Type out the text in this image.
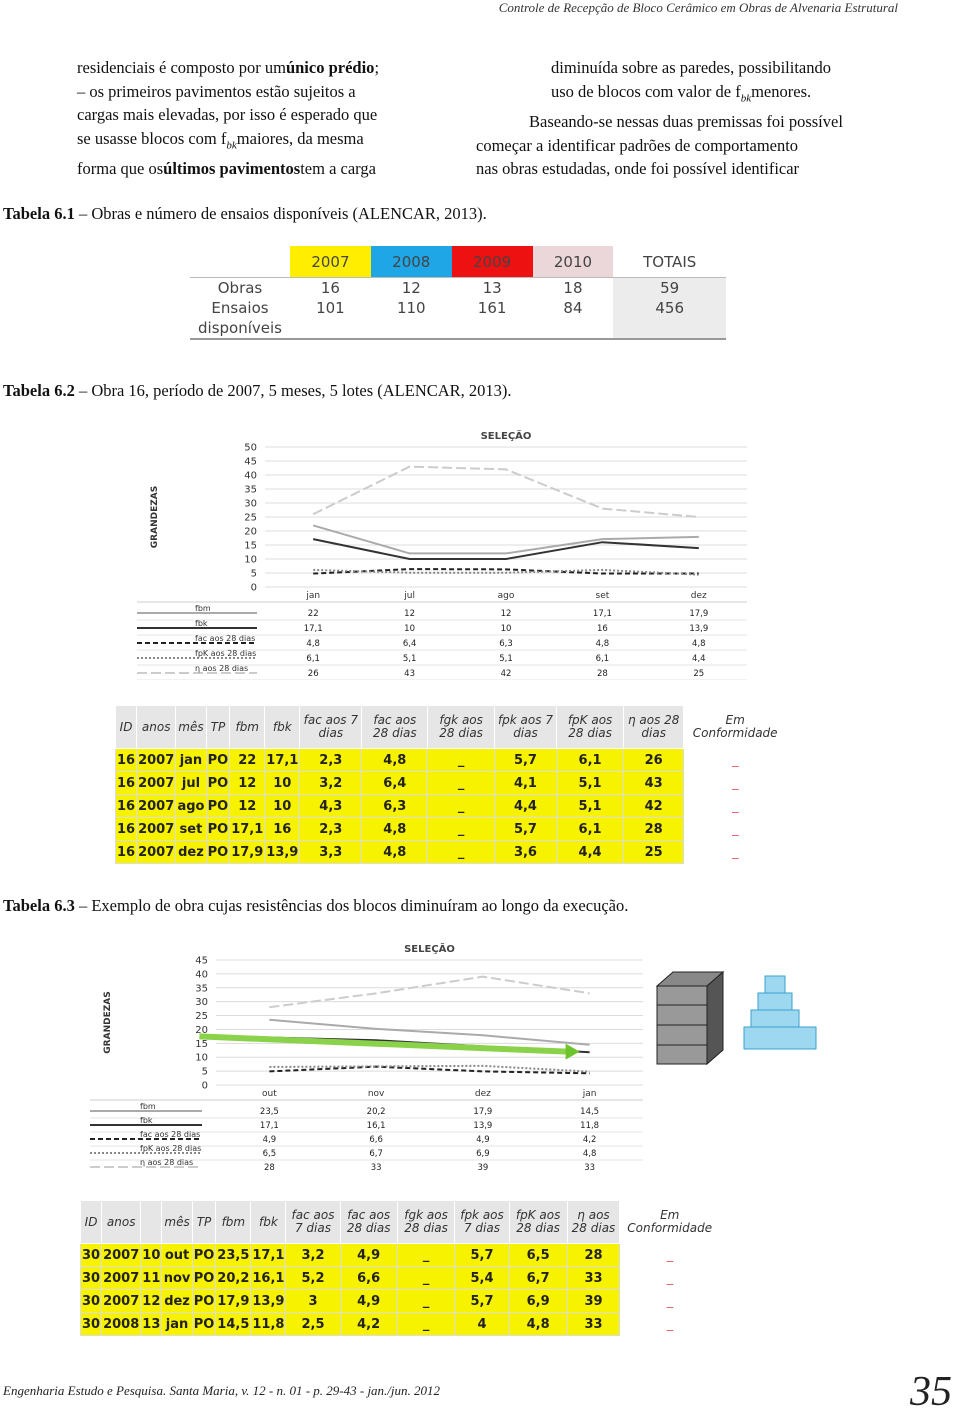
Controle de Recepção de Bloco Cerâmico em Obras de Alvenaria Estrutural
residenciais é composto por umúnico prédio;
– os primeiros pavimentos estão sujeitos a
cargas mais elevadas, por isso é esperado que
se usasse blocos com $f_{bk}maiores$, da mesma
forma que osúltimos pavimentostem a carga
diminuída sobre as paredes, possibilitando
uso de blocos com valor de $f_{bk}menores$.
Baseando-se nessas duas premissas foi possível
começar a identificar padrões de comportamento
nas obras estudadas, onde foi possível identificar
Tabela 6.1 – Obras e número de ensaios disponíveis (ALENCAR, 2013).
	2007	2008	2009	2010	TOTAIS
Obras	16	12	13	18	59
Ensaios	101	110	161	84	456
disponíveis					
Tabela 6.2 – Obra 16, período de 2007, 5 meses, 5 lotes (ALENCAR, 2013).
SELEÇÃO
GRANDEZAS
50
45
40
35
30
25
20
15
10
5
0
jan	jul	ago	set	dez
fbm
22	12	12	17,1	17,9
fbk
17,1	10	10	16	13,9
fac aos 28 dias
4,8	6,4	6,3	4,8	4,8
fpK aos 28 dias
6,1	5,1	5,1	6,1	4,4
η aos 28 dias
26	43	42	28	25
ID	anos	mês	TP	fbm	fbk	fac aos 7 dias	fac aos 28 dias	fgk aos 28 dias	fpk aos 7 dias	fpK aos 28 dias	η aos 28 dias	Em Conformidade
16	2007	jan	PO	22	17,1	2,3	4,8	_	5,7	6,1	26	_
16	2007	jul	PO	12	10	3,2	6,4	_	4,1	5,1	43	_
16	2007	ago	PO	12	10	4,3	6,3	_	4,4	5,1	42	_
16	2007	set	PO	17,1	16	2,3	4,8	_	5,7	6,1	28	_
16	2007	dez	PO	17,9	13,9	3,3	4,8	_	3,6	4,4	25	_
Tabela 6.3 – Exemplo de obra cujas resistências dos blocos diminuíram ao longo da execução.
SELEÇÃO
GRANDEZAS
45
40
35
30
25
20
15
10
5
0
out	nov	dez	jan
fbm
23,5	20,2	17,9	14,5
fbk
17,1	16,1	13,9	11,8
fac aos 28 dias
4,9	6,6	4,9	4,2
fpK aos 28 dias
6,5	6,7	6,9	4,8
η aos 28 dias
28	33	39	33
ID	anos		mês	TP	fbm	fbk	fac aos 7 dias	fac aos 28 dias	fgk aos 28 dias	fpk aos 7 dias	fpK aos 28 dias	η aos 28 dias	Em Conformidade
30	2007	10	out	PO	23,5	17,1	3,2	4,9	_	5,7	6,5	28	_
30	2007	11	nov	PO	20,2	16,1	5,2	6,6	_	5,4	6,7	33	_
30	2007	12	dez	PO	17,9	13,9	3	4,9	_	5,7	6,9	39	_
30	2008	13	jan	PO	14,5	11,8	2,5	4,2	_	4	4,8	33	_
Engenharia Estudo e Pesquisa. Santa Maria, v. 12 - n. 01 - p. 29-43 - jan./jun. 2012	35
